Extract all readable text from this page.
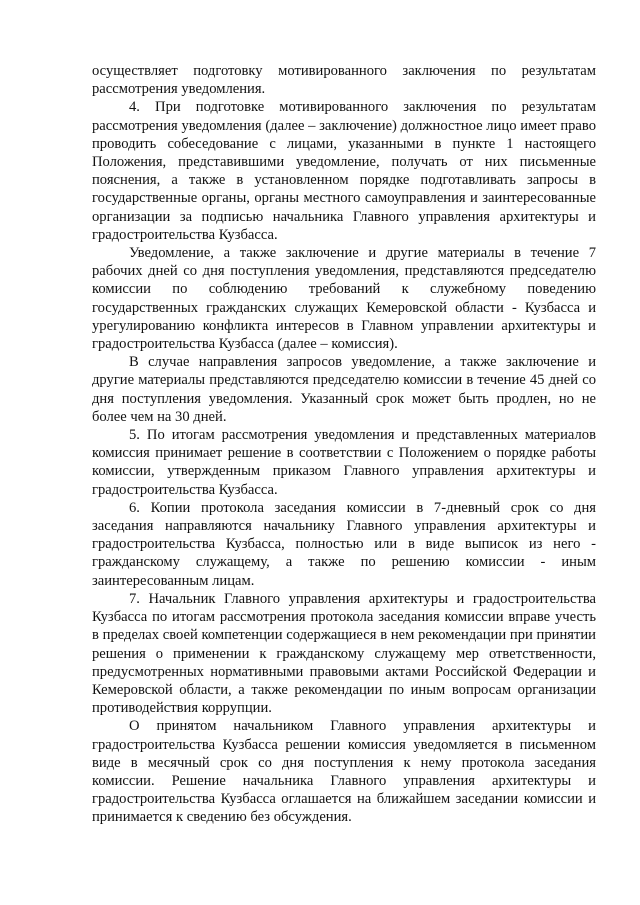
осуществляет подготовку мотивированного заключения по результатам рассмотрения уведомления.

4. При подготовке мотивированного заключения по результатам рассмотрения уведомления (далее – заключение) должностное лицо имеет право проводить собеседование с лицами, указанными в пункте 1 настоящего Положения, представившими уведомление, получать от них письменные пояснения, а также в установленном порядке подготавливать запросы в государственные органы, органы местного самоуправления и заинтересованные организации за подписью начальника Главного управления архитектуры и градостроительства Кузбасса.

Уведомление, а также заключение и другие материалы в течение 7 рабочих дней со дня поступления уведомления, представляются председателю комиссии по соблюдению требований к служебному поведению государственных гражданских служащих Кемеровской области - Кузбасса и урегулированию конфликта интересов в Главном управлении архитектуры и градостроительства Кузбасса (далее – комиссия).

В случае направления запросов уведомление, а также заключение и другие материалы представляются председателю комиссии в течение 45 дней со дня поступления уведомления. Указанный срок может быть продлен, но не более чем на 30 дней.

5. По итогам рассмотрения уведомления и представленных материалов комиссия принимает решение в соответствии с Положением о порядке работы комиссии, утвержденным приказом Главного управления архитектуры и градостроительства Кузбасса.

6. Копии протокола заседания комиссии в 7-дневный срок со дня заседания направляются начальнику Главного управления архитектуры и градостроительства Кузбасса, полностью или в виде выписок из него - гражданскому служащему, а также по решению комиссии - иным заинтересованным лицам.

7. Начальник Главного управления архитектуры и градостроительства Кузбасса по итогам рассмотрения протокола заседания комиссии вправе учесть в пределах своей компетенции содержащиеся в нем рекомендации при принятии решения о применении к гражданскому служащему мер ответственности, предусмотренных нормативными правовыми актами Российской Федерации и Кемеровской области, а также рекомендации по иным вопросам организации противодействия коррупции.

О принятом начальником Главного управления архитектуры и градостроительства Кузбасса решении комиссия уведомляется в письменном виде в месячный срок со дня поступления к нему протокола заседания комиссии. Решение начальника Главного управления архитектуры и градостроительства Кузбасса оглашается на ближайшем заседании комиссии и принимается к сведению без обсуждения.
